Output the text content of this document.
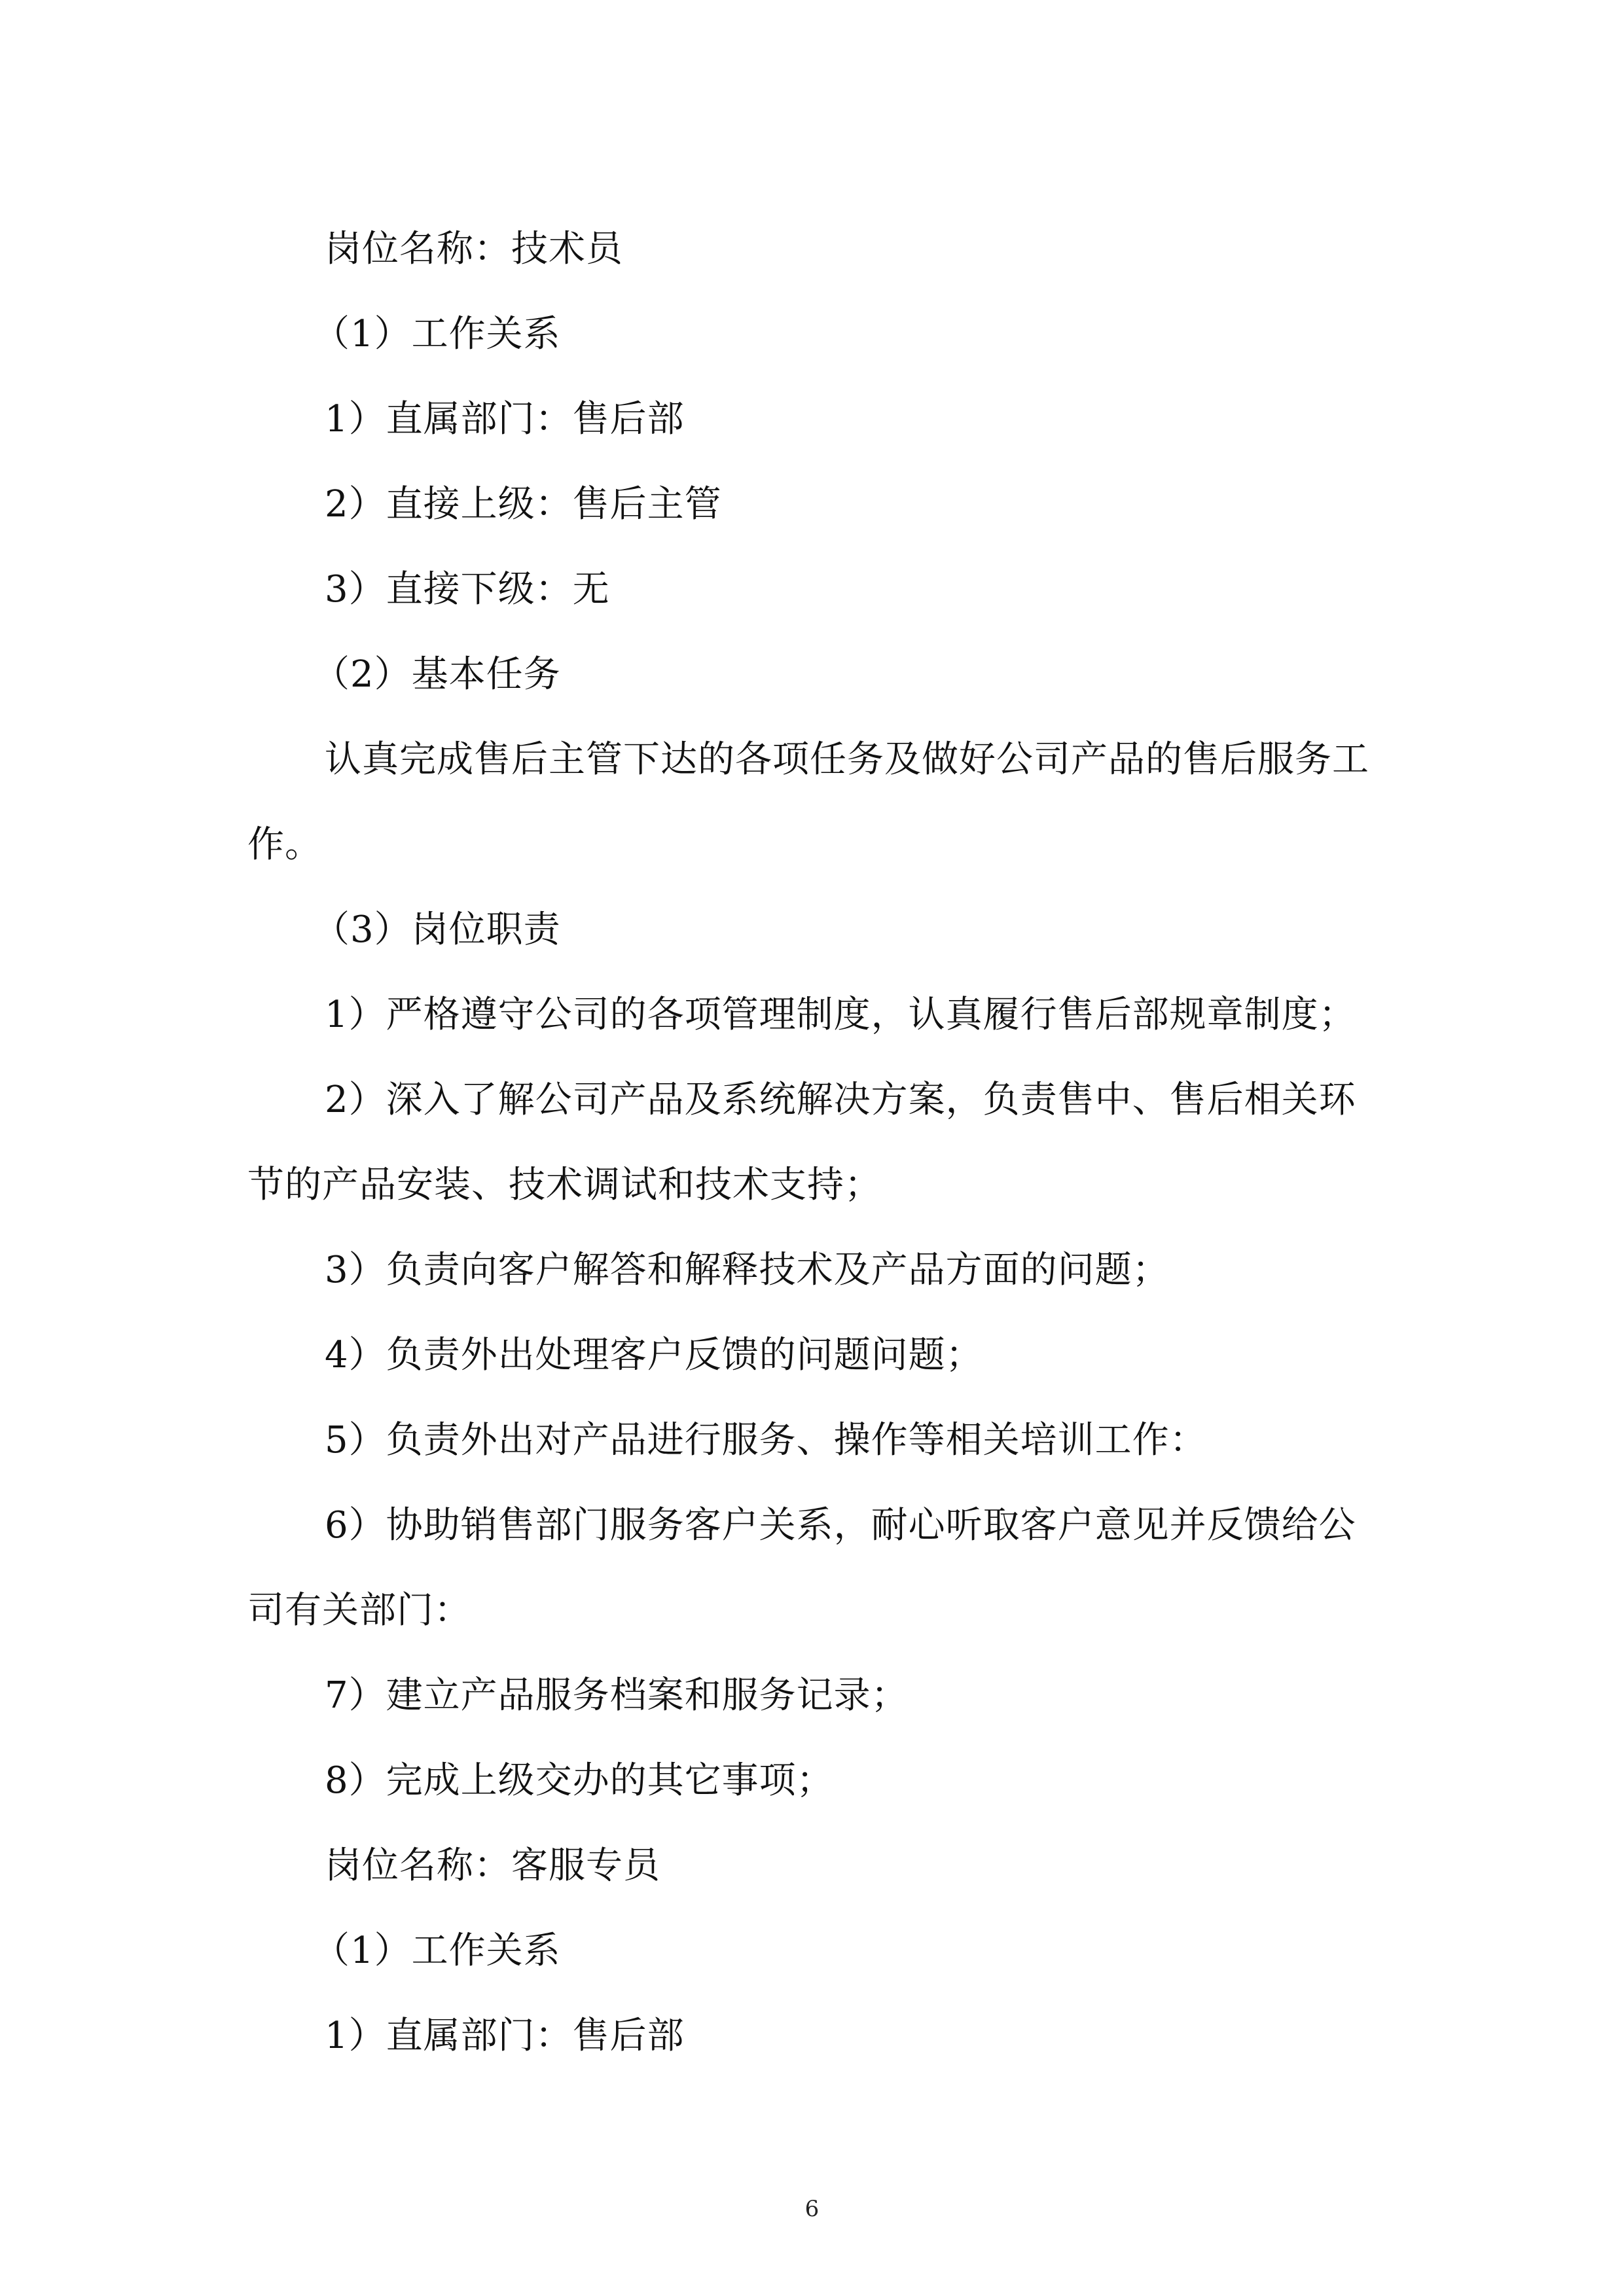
岗位名称：技术员

（1）工作关系

1）直属部门：售后部

2）直接上级：售后主管

3）直接下级：无

（2）基本任务

认真完成售后主管下达的各项任务及做好公司产品的售后服务工作。

（3）岗位职责

1）严格遵守公司的各项管理制度，认真履行售后部规章制度；

2）深入了解公司产品及系统解决方案，负责售中、售后相关环节的产品安装、技术调试和技术支持；

3）负责向客户解答和解释技术及产品方面的问题；

4）负责外出处理客户反馈的问题问题；

5）负责外出对产品进行服务、操作等相关培训工作：

6）协助销售部门服务客户关系，耐心听取客户意见并反馈给公司有关部门：

7）建立产品服务档案和服务记录；

8）完成上级交办的其它事项；

岗位名称：客服专员

（1）工作关系

1）直属部门：售后部

6
